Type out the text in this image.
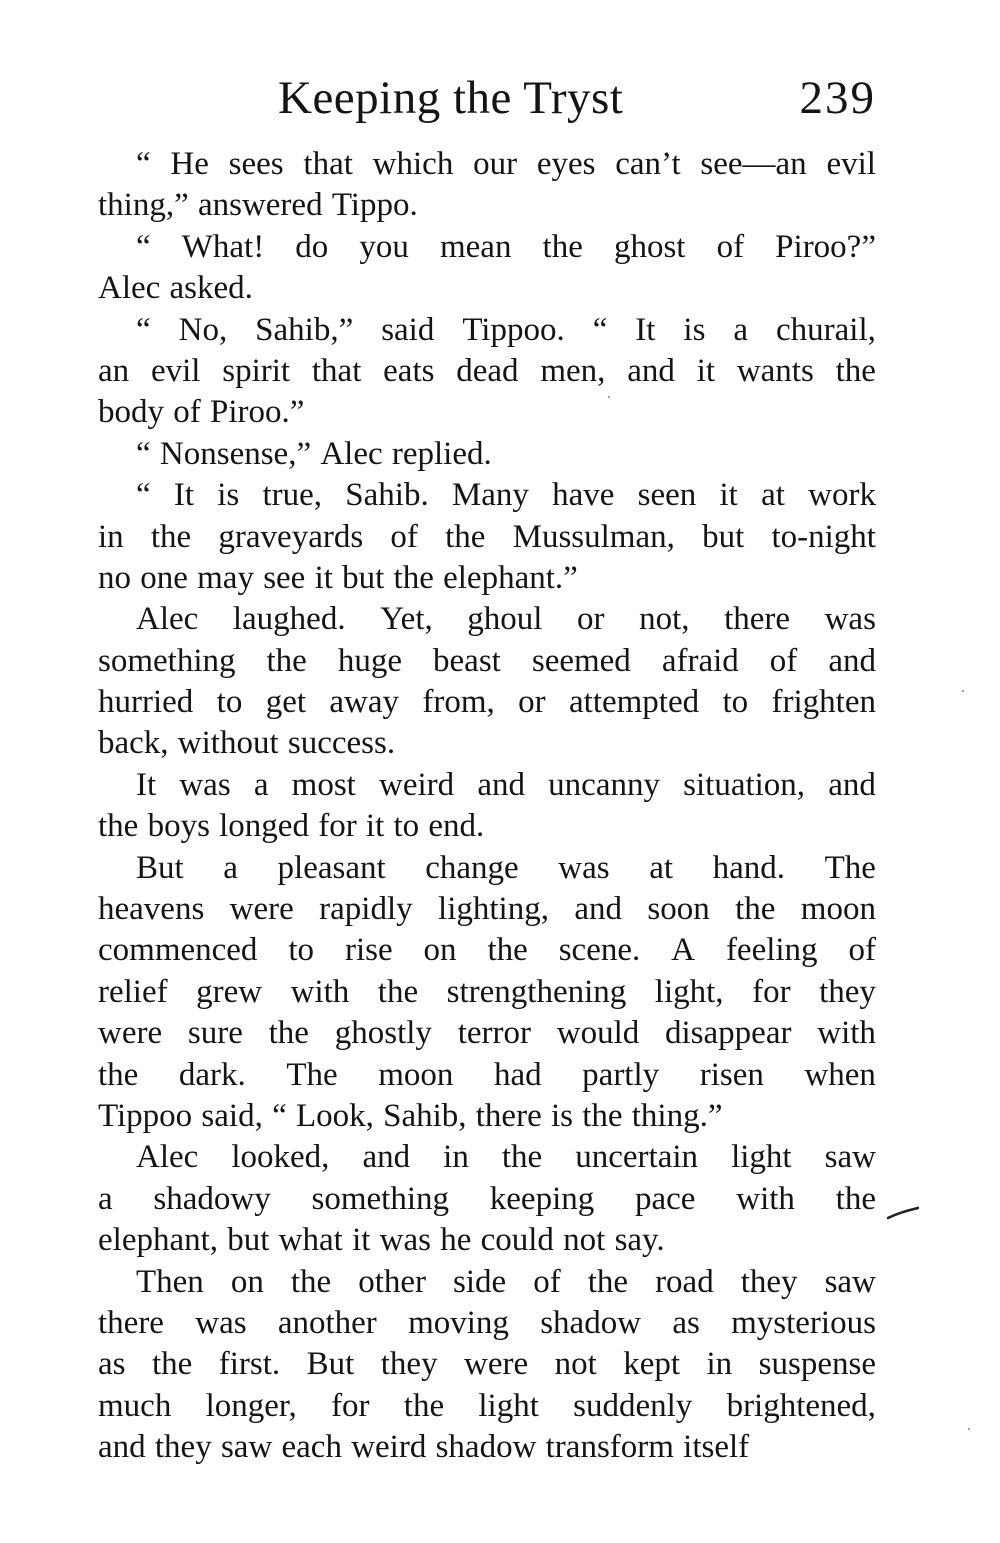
Keeping the Tryst	239
“ He sees that which our eyes can’t see—an evil
thing,” answered Tippo.
“ What! do you mean the ghost of Piroo?”
Alec asked.
“ No, Sahib,” said Tippoo. “ It is a churail,
an evil spirit that eats dead men, and it wants the
body of Piroo.”
“ Nonsense,” Alec replied.
“ It is true, Sahib. Many have seen it at work
in the graveyards of the Mussulman, but to-night
no one may see it but the elephant.”
Alec laughed. Yet, ghoul or not, there was
something the huge beast seemed afraid of and
hurried to get away from, or attempted to frighten
back, without success.
It was a most weird and uncanny situation, and
the boys longed for it to end.
But a pleasant change was at hand. The
heavens were rapidly lighting, and soon the moon
commenced to rise on the scene. A feeling of
relief grew with the strengthening light, for they
were sure the ghostly terror would disappear with
the dark. The moon had partly risen when
Tippoo said, “ Look, Sahib, there is the thing.”
Alec looked, and in the uncertain light saw
a shadowy something keeping pace with the
elephant, but what it was he could not say.
Then on the other side of the road they saw
there was another moving shadow as mysterious
as the first. But they were not kept in suspense
much longer, for the light suddenly brightened,
and they saw each weird shadow transform itself
